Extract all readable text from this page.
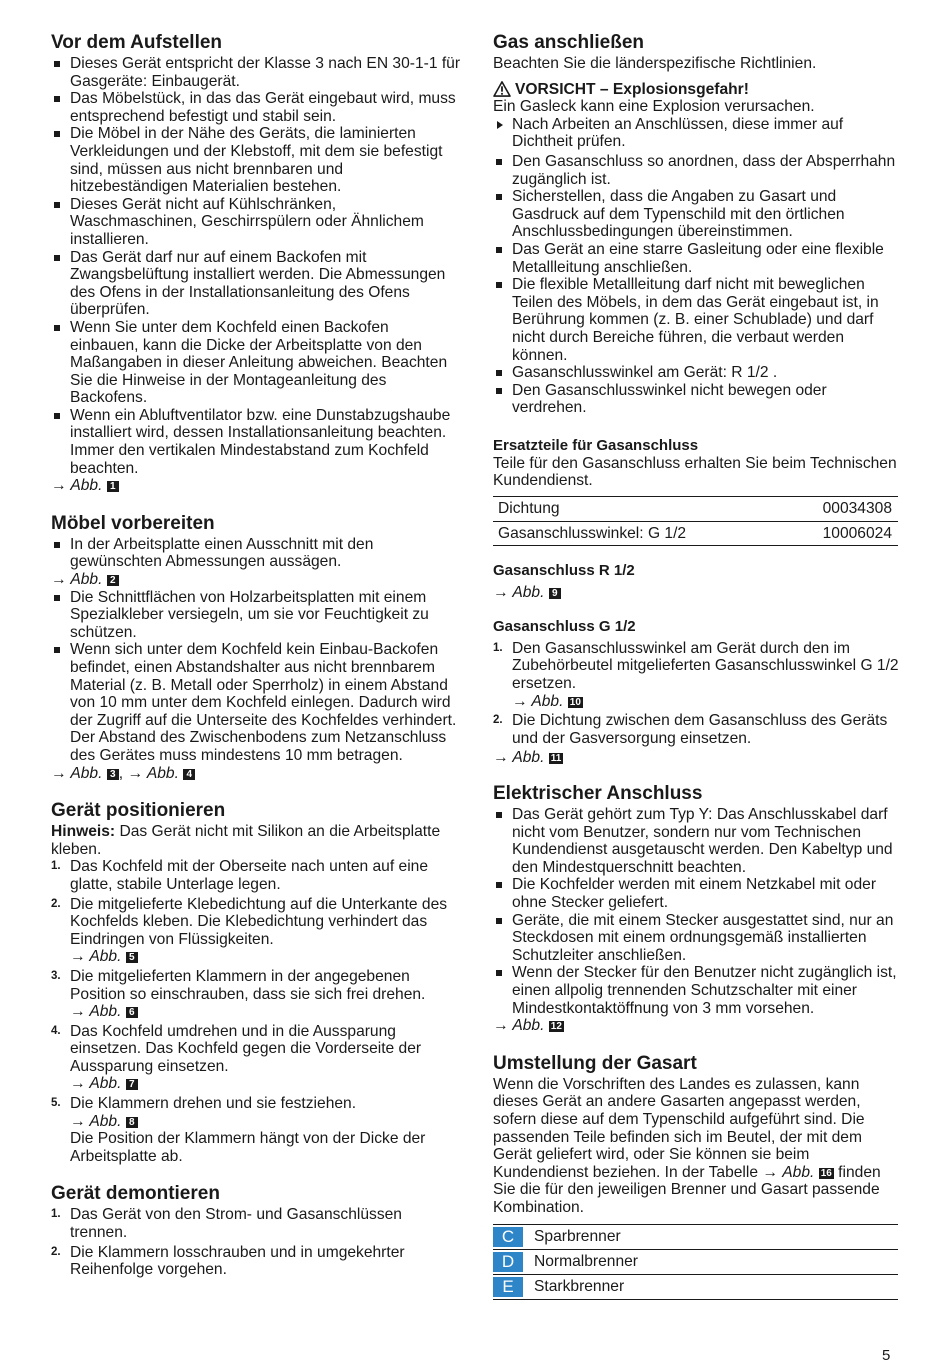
Vor dem Aufstellen
Dieses Gerät entspricht der Klasse 3 nach EN 30-1-1 für Gasgeräte: Einbaugerät.
Das Möbelstück, in das das Gerät eingebaut wird, muss entsprechend befestigt und stabil sein.
Die Möbel in der Nähe des Geräts, die laminierten Verkleidungen und der Klebstoff, mit dem sie befestigt sind, müssen aus nicht brennbaren und hitzebeständigen Materialien bestehen.
Dieses Gerät nicht auf Kühlschränken, Waschmaschinen, Geschirrspülern oder Ähnlichem installieren.
Das Gerät darf nur auf einem Backofen mit Zwangsbelüftung installiert werden. Die Abmessungen des Ofens in der Installationsanleitung des Ofens überprüfen.
Wenn Sie unter dem Kochfeld einen Backofen einbauen, kann die Dicke der Arbeitsplatte von den Maßangaben in dieser Anleitung abweichen. Beachten Sie die Hinweise in der Montageanleitung des Backofens.
Wenn ein Abluftventilator bzw. eine Dunstabzugshaube installiert wird, dessen Installationsanleitung beachten. Immer den vertikalen Mindestabstand zum Kochfeld beachten.
→ Abb. 1
Möbel vorbereiten
In der Arbeitsplatte einen Ausschnitt mit den gewünschten Abmessungen aussägen.
→ Abb. 2
Die Schnittflächen von Holzarbeitsplatten mit einem Spezialkleber versiegeln, um sie vor Feuchtigkeit zu schützen.
Wenn sich unter dem Kochfeld kein Einbau-Backofen befindet, einen Abstandshalter aus nicht brennbarem Material (z. B. Metall oder Sperrholz) in einem Abstand von 10 mm unter dem Kochfeld einlegen. Dadurch wird der Zugriff auf die Unterseite des Kochfeldes verhindert. Der Abstand des Zwischenbodens zum Netzanschluss des Gerätes muss mindestens 10 mm betragen.
→ Abb. 3 , → Abb. 4
Gerät positionieren

Hinweis: Das Gerät nicht mit Silikon an die Arbeitsplatte kleben.

1. Das Kochfeld mit der Oberseite nach unten auf eine glatte, stabile Unterlage legen.
2. Die mitgelieferte Klebedichtung auf die Unterkante des Kochfelds kleben. Die Klebedichtung verhindert das Eindringen von Flüssigkeiten.
→ Abb. 5
3. Die mitgelieferten Klammern in der angegebenen Position so einschrauben, dass sie sich frei drehen.
→ Abb. 6
4. Das Kochfeld umdrehen und in die Aussparung einsetzen. Das Kochfeld gegen die Vorderseite der Aussparung einsetzen.
→ Abb. 7
5. Die Klammern drehen und sie festziehen.
→ Abb. 8
Die Position der Klammern hängt von der Dicke der Arbeitsplatte ab.
Gerät demontieren
1. Das Gerät von den Strom- und Gasanschlüssen trennen.
2. Die Klammern losschrauben und in umgekehrter Reihenfolge vorgehen.
Gas anschließen

Beachten Sie die länderspezifische Richtlinien.

VORSICHT – Explosionsgefahr!

Ein Gasleck kann eine Explosion verursachen.

Nach Arbeiten an Anschlüssen, diese immer auf Dichtheit prüfen.
Den Gasanschluss so anordnen, dass der Absperrhahn zugänglich ist.
Sicherstellen, dass die Angaben zu Gasart und Gasdruck auf dem Typenschild mit den örtlichen Anschlussbedingungen übereinstimmen.
Das Gerät an eine starre Gasleitung oder eine flexible Metallleitung anschließen.
Die flexible Metallleitung darf nicht mit beweglichen Teilen des Möbels, in dem das Gerät eingebaut ist, in Berührung kommen (z. B. einer Schublade) und darf nicht durch Bereiche führen, die verbaut werden können.
Gasanschlusswinkel am Gerät: R 1/2 .
Den Gasanschlusswinkel nicht bewegen oder verdrehen.
Ersatzteile für Gasanschluss

Teile für den Gasanschluss erhalten Sie beim Technischen Kundendienst.

Dichtung	00034308
Gasanschlusswinkel: G 1/2	10006024
Gasanschluss R 1/2
→ Abb. 9
Gasanschluss G 1/2
1. Den Gasanschlusswinkel am Gerät durch den im Zubehörbeutel mitgelieferten Gasanschlusswinkel G 1/2 ersetzen.
→ Abb. 10
2. Die Dichtung zwischen dem Gasanschluss des Geräts und der Gasversorgung einsetzen.
→ Abb. 11
Elektrischer Anschluss
Das Gerät gehört zum Typ Y: Das Anschlusskabel darf nicht vom Benutzer, sondern nur vom Technischen Kundendienst ausgetauscht werden. Den Kabeltyp und den Mindestquerschnitt beachten.
Die Kochfelder werden mit einem Netzkabel mit oder ohne Stecker geliefert.
Geräte, die mit einem Stecker ausgestattet sind, nur an Steckdosen mit einem ordnungsgemäß installierten Schutzleiter anschließen.
Wenn der Stecker für den Benutzer nicht zugänglich ist, einen allpolig trennenden Schutzschalter mit einer Mindestkontaktöffnung von 3 mm vorsehen.
→ Abb. 12
Umstellung der Gasart

Wenn die Vorschriften des Landes es zulassen, kann dieses Gerät an andere Gasarten angepasst werden, sofern diese auf dem Typenschild aufgeführt sind. Die passenden Teile befinden sich im Beutel, der mit dem Gerät geliefert wird, oder Sie können sie beim Kundendienst beziehen. In der Tabelle → Abb. 16 finden Sie die für den jeweiligen Brenner und Gasart passende Kombination.

C Sparbrenner
D Normalbrenner
E Starkbrenner
5
